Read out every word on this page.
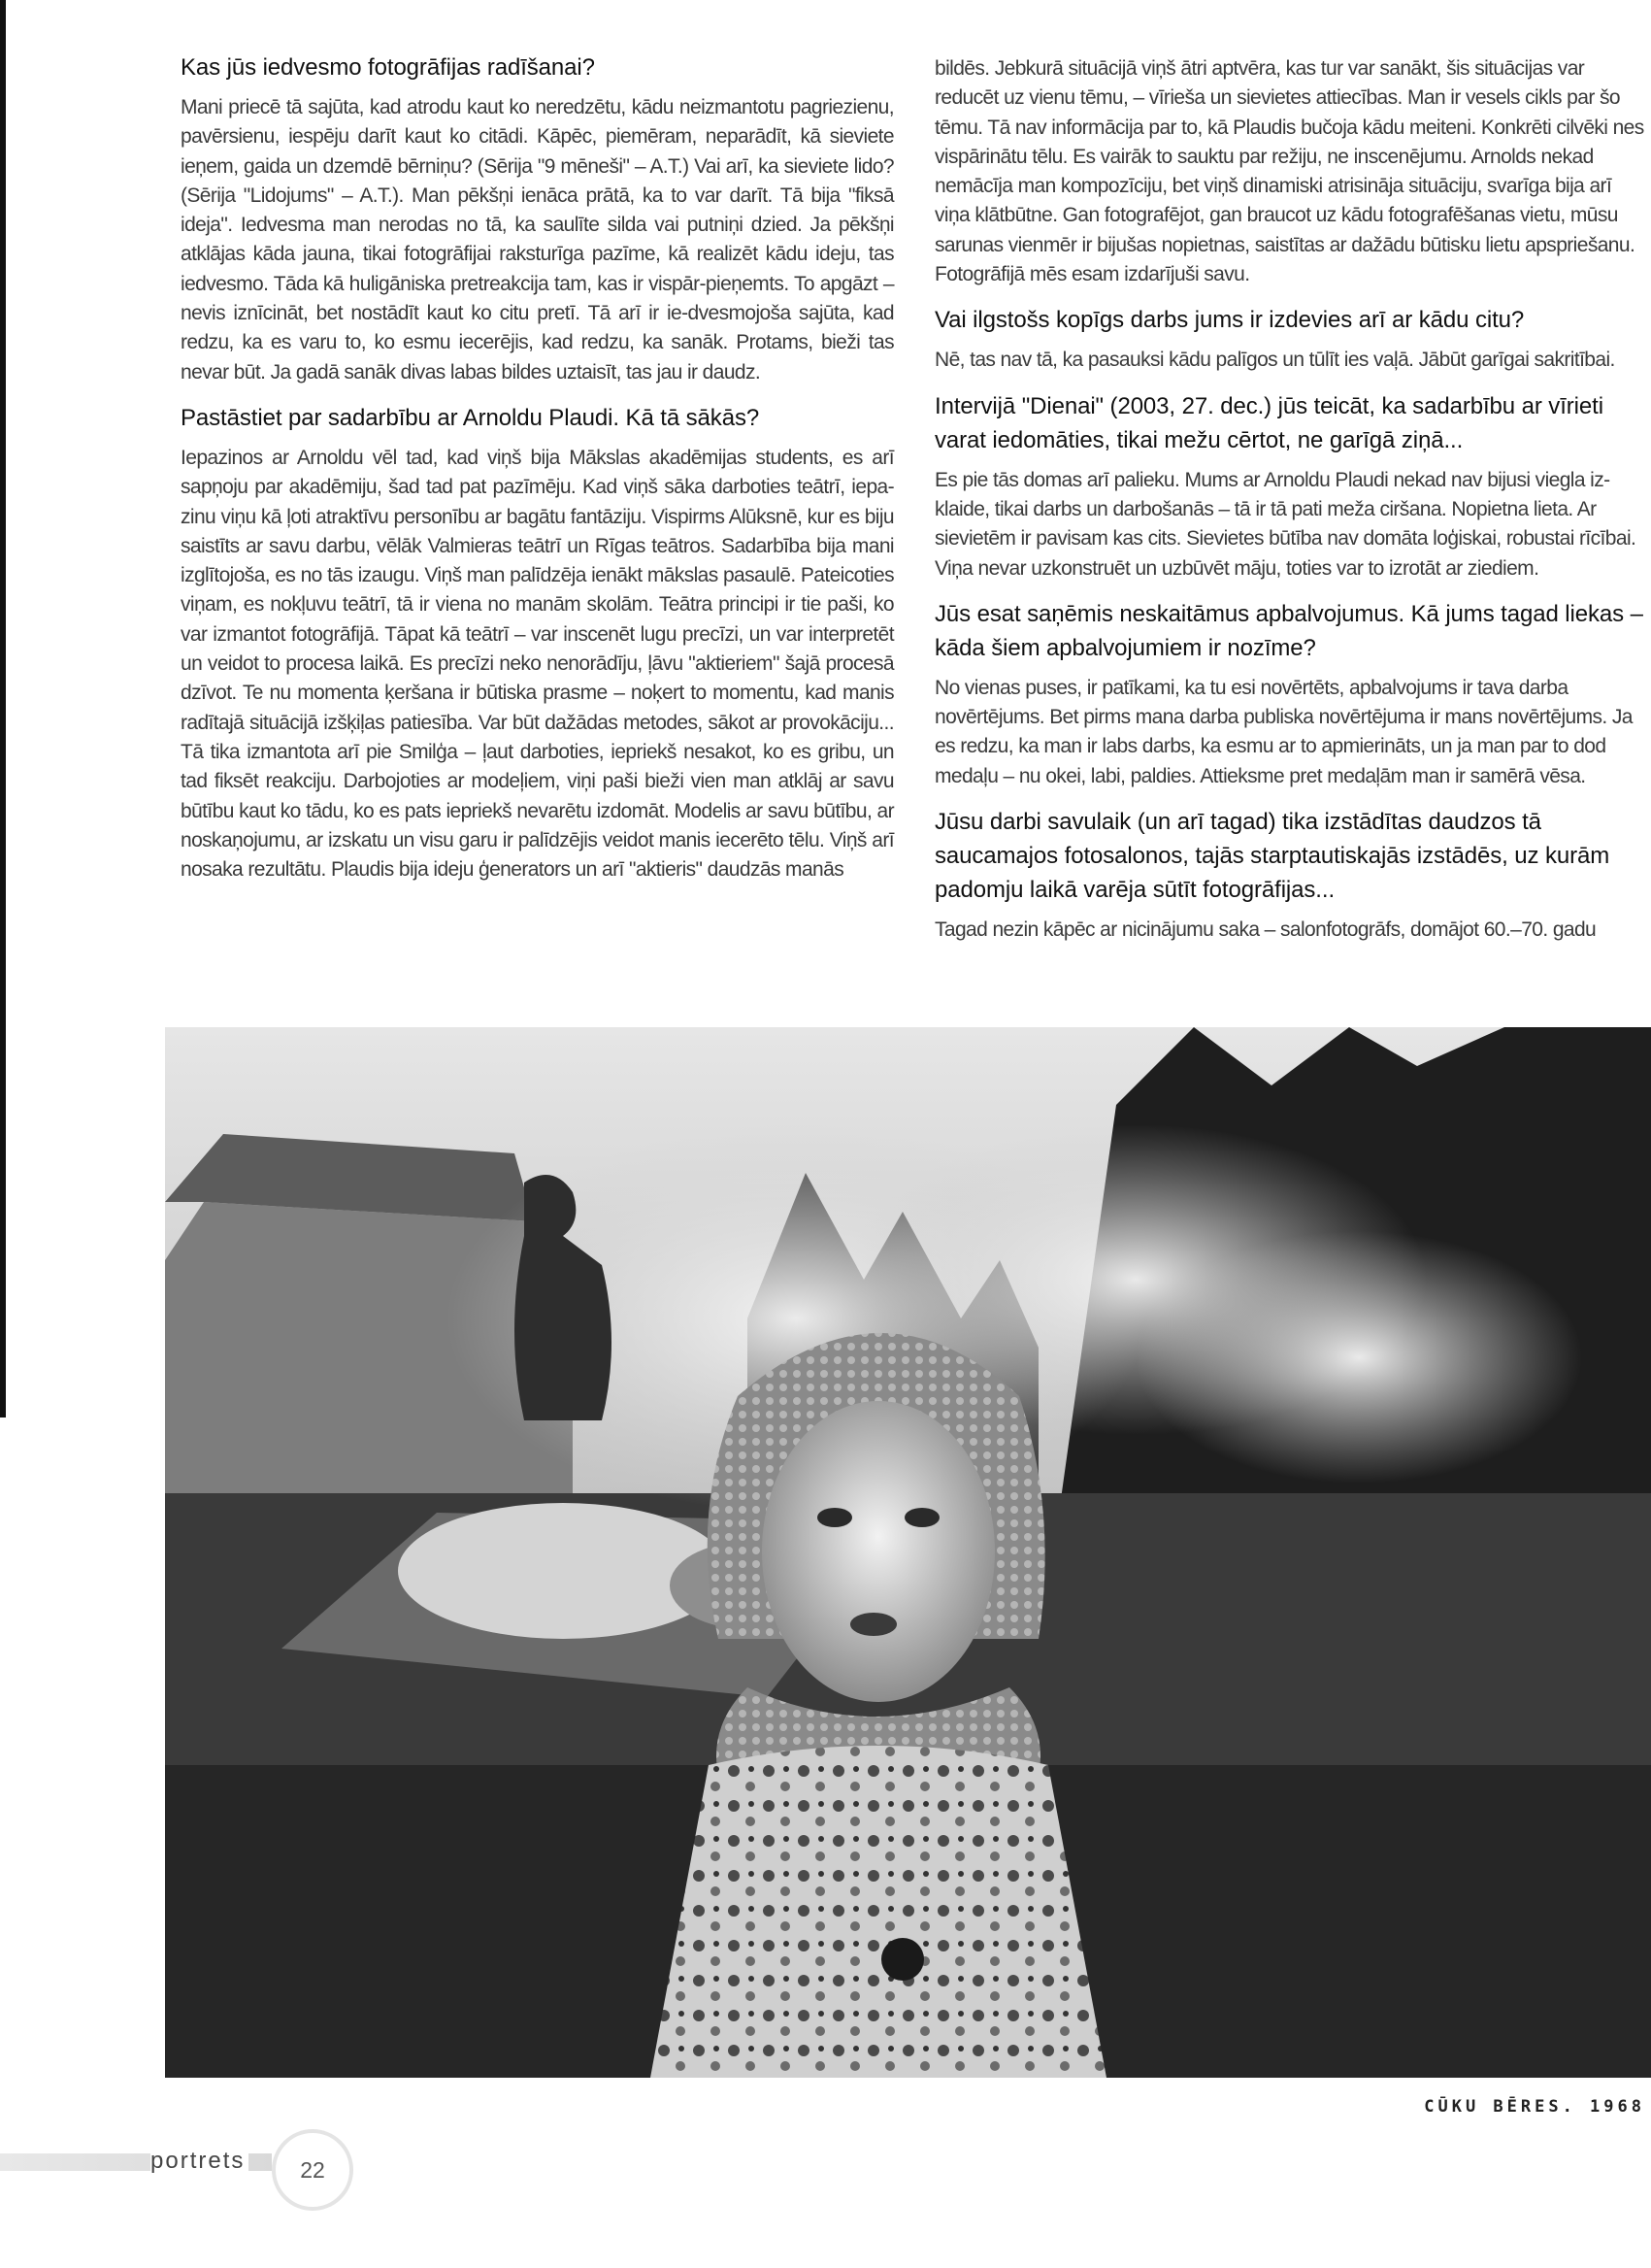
Kas jūs iedvesmo fotogrāfijas radīšanai?

Mani priecē tā sajūta, kad atrodu kaut ko neredzētu, kādu neizmantotu pagriezienu, pavērsienu, iespēju darīt kaut ko citādi. Kāpēc, piemēram, neparādīt, kā sieviete ieņem, gaida un dzemdē bērniņu? (Sērija "9 mēneši" – A.T.) Vai arī, ka sieviete lido? (Sērija "Lidojums" – A.T.). Man pēkšņi ienāca prātā, ka to var darīt. Tā bija "fiksā ideja". Iedvesma man nerodas no tā, ka saulīte silda vai putniņi dzied. Ja pēkšņi atklājas kāda jauna, tikai fotogrāfijai raksturīga pazīme, kā realizēt kādu ideju, tas iedvesmo. Tāda kā huligāniska pretreakcija tam, kas ir vispār-pieņemts. To apgāzt – nevis iznīcināt, bet nostādīt kaut ko citu pretī. Tā arī ir ie-dvesmojoša sajūta, kad redzu, ka es varu to, ko esmu iecerējis, kad redzu, ka sanāk. Protams, bieži tas nevar būt. Ja gadā sanāk divas labas bildes uztaisīt, tas jau ir daudz.

Pastāstiet par sadarbību ar Arnoldu Plaudi. Kā tā sākās?

Iepazinos ar Arnoldu vēl tad, kad viņš bija Mākslas akadēmijas students, es arī sapņoju par akadēmiju, šad tad pat pazīmēju. Kad viņš sāka darboties teātrī, iepa-zinu viņu kā ļoti atraktīvu personību ar bagātu fantāziju. Vispirms Alūksnē, kur es biju saistīts ar savu darbu, vēlāk Valmieras teātrī un Rīgas teātros. Sadarbība bija mani izglītojoša, es no tās izaugu. Viņš man palīdzēja ienākt mākslas pasaulē. Pateicoties viņam, es nokļuvu teātrī, tā ir viena no manām skolām. Teātra principi ir tie paši, ko var izmantot fotogrāfijā. Tāpat kā teātrī – var inscenēt lugu precīzi, un var interpretēt un veidot to procesa laikā. Es precīzi neko nenorādīju, ļāvu "aktieriem" šajā procesā dzīvot. Te nu momenta ķeršana ir būtiska prasme – noķert to momentu, kad manis radītajā situācijā izšķiļas patiesība. Var būt dažādas metodes, sākot ar provokāciju... Tā tika izmantota arī pie Smilģa – ļaut darboties, iepriekš nesakot, ko es gribu, un tad fiksēt reakciju. Darbojoties ar modeļiem, viņi paši bieži vien man atklāj ar savu būtību kaut ko tādu, ko es pats iepriekš nevarētu izdomāt. Modelis ar savu būtību, ar noskaņojumu, ar izskatu un visu garu ir palīdzējis veidot manis iecerēto tēlu. Viņš arī nosaka rezultātu. Plaudis bija ideju ģenerators un arī "aktieris" daudzās manās

bildēs. Jebkurā situācijā viņš ātri aptvēra, kas tur var sanākt, šis situācijas var reducēt uz vienu tēmu, – vīrieša un sievietes attiecības. Man ir vesels cikls par šo tēmu. Tā nav informācija par to, kā Plaudis bučoja kādu meiteni. Konkrēti cilvēki nes vispārinātu tēlu. Es vairāk to sauktu par režiju, ne inscenējumu. Arnolds nekad nemācīja man kompozīciju, bet viņš dinamiski atrisināja situāciju, svarīga bija arī viņa klātbūtne. Gan fotografējot, gan braucot uz kādu fotografēšanas vietu, mūsu sarunas vienmēr ir bijušas nopietnas, saistītas ar dažādu būtisku lietu apspriešanu. Fotogrāfijā mēs esam izdarījuši savu.

Vai ilgstošs kopīgs darbs jums ir izdevies arī ar kādu citu?

Nē, tas nav tā, ka pasauksi kādu palīgos un tūlīt ies vaļā. Jābūt garīgai sakritībai.

Intervijā "Dienai" (2003, 27. dec.) jūs teicāt, ka sadarbību ar vīrieti varat iedomāties, tikai mežu cērtot, ne garīgā ziņā...

Es pie tās domas arī palieku. Mums ar Arnoldu Plaudi nekad nav bijusi viegla iz-klaide, tikai darbs un darbošanās – tā ir tā pati meža ciršana. Nopietna lieta. Ar sievietēm ir pavisam kas cits. Sievietes būtība nav domāta loģiskai, robustai rīcībai. Viņa nevar uzkonstruēt un uzbūvēt māju, toties var to izrotāt ar ziediem.

Jūs esat saņēmis neskaitāmus apbalvojumus. Kā jums tagad liekas – kāda šiem apbalvojumiem ir nozīme?

No vienas puses, ir patīkami, ka tu esi novērtēts, apbalvojums ir tava darba novērtējums. Bet pirms mana darba publiska novērtējuma ir mans novērtējums. Ja es redzu, ka man ir labs darbs, ka esmu ar to apmierināts, un ja man par to dod medaļu – nu okei, labi, paldies. Attieksme pret medaļām man ir samērā vēsa.

Jūsu darbi savulaik (un arī tagad) tika izstādītas daudzos tā saucamajos fotosalonos, tajās starptautiskajās izstādēs, uz kurām padomju laikā varēja sūtīt fotogrāfijas...

Tagad nezin kāpēc ar nicinājumu saka – salonfotogrāfs, domājot 60.–70. gadu

CŪKU BĒRES. 1968
portrets	22
